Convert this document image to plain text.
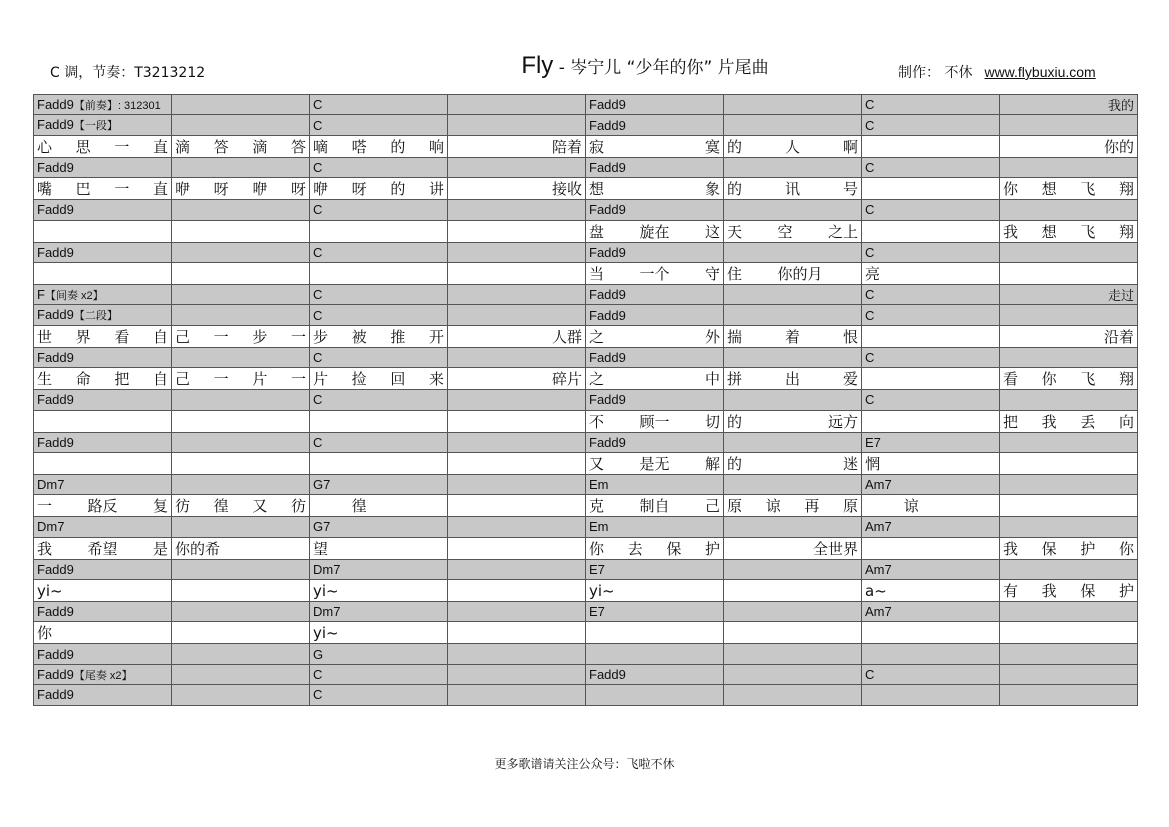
C 调，节奏：T3213212	Fly - 岑宁儿 “少年的你” 片尾曲	制作： 不休 www.flybuxiu.com
Fadd9【前奏】: 312301		C		Fadd9		C	我的
Fadd9【一段】		C		Fadd9		C	

心 思 一 直	滴 答 滴 答	嘀 嗒 的 响	陪着	寂 寞	的 人 啊		你的
Fadd9		C		Fadd9		C	

嘴 巴 一 直	咿 呀 咿 呀	咿 呀 的 讲	接收	想 象	的 讯 号		你 想 飞 翔

Fadd9		C		Fadd9		C	

				盘 旋在 这	天 空 之上		我 想 飞 翔

Fadd9		C		Fadd9		C	

				当 一个 守	住 你的月	亮	
F【间奏 x2】		C		Fadd9		C	走过
Fadd9【二段】		C		Fadd9		C	

世 界 看 自	己 一 步 一	步 被 推 开	人群	之 外	揣 着 恨		沿着
Fadd9		C		Fadd9		C	

生 命 把 自	己 一 片 一	片 捡 回 来	碎片	之 中	拼 出 爱		看 你 飞 翔

Fadd9		C		Fadd9		C	

				不 顾一 切	的 远方		把 我 丢 向

Fadd9		C		Fadd9		E7	

				又 是无 解	的 迷	惘	
Dm7		G7		Em		Am7	

一 路反 复	彷 徨 又 彷	徨		克 制自 己	原 谅 再 原	谅	

Dm7		G7		Em		Am7	

我 希望 是	你的希	望		你 去 保 护	全世界		我 保 护 你

Fadd9		Dm7		E7		Am7	
yi~		yi~		yi~		a~	有 我 保 护

Fadd9		Dm7		E7		Am7	
你		yi~					
Fadd9		G					
Fadd9【尾奏 x2】		C		Fadd9		C	
Fadd9		C					
更多歌谱请关注公众号：飞啦不休
